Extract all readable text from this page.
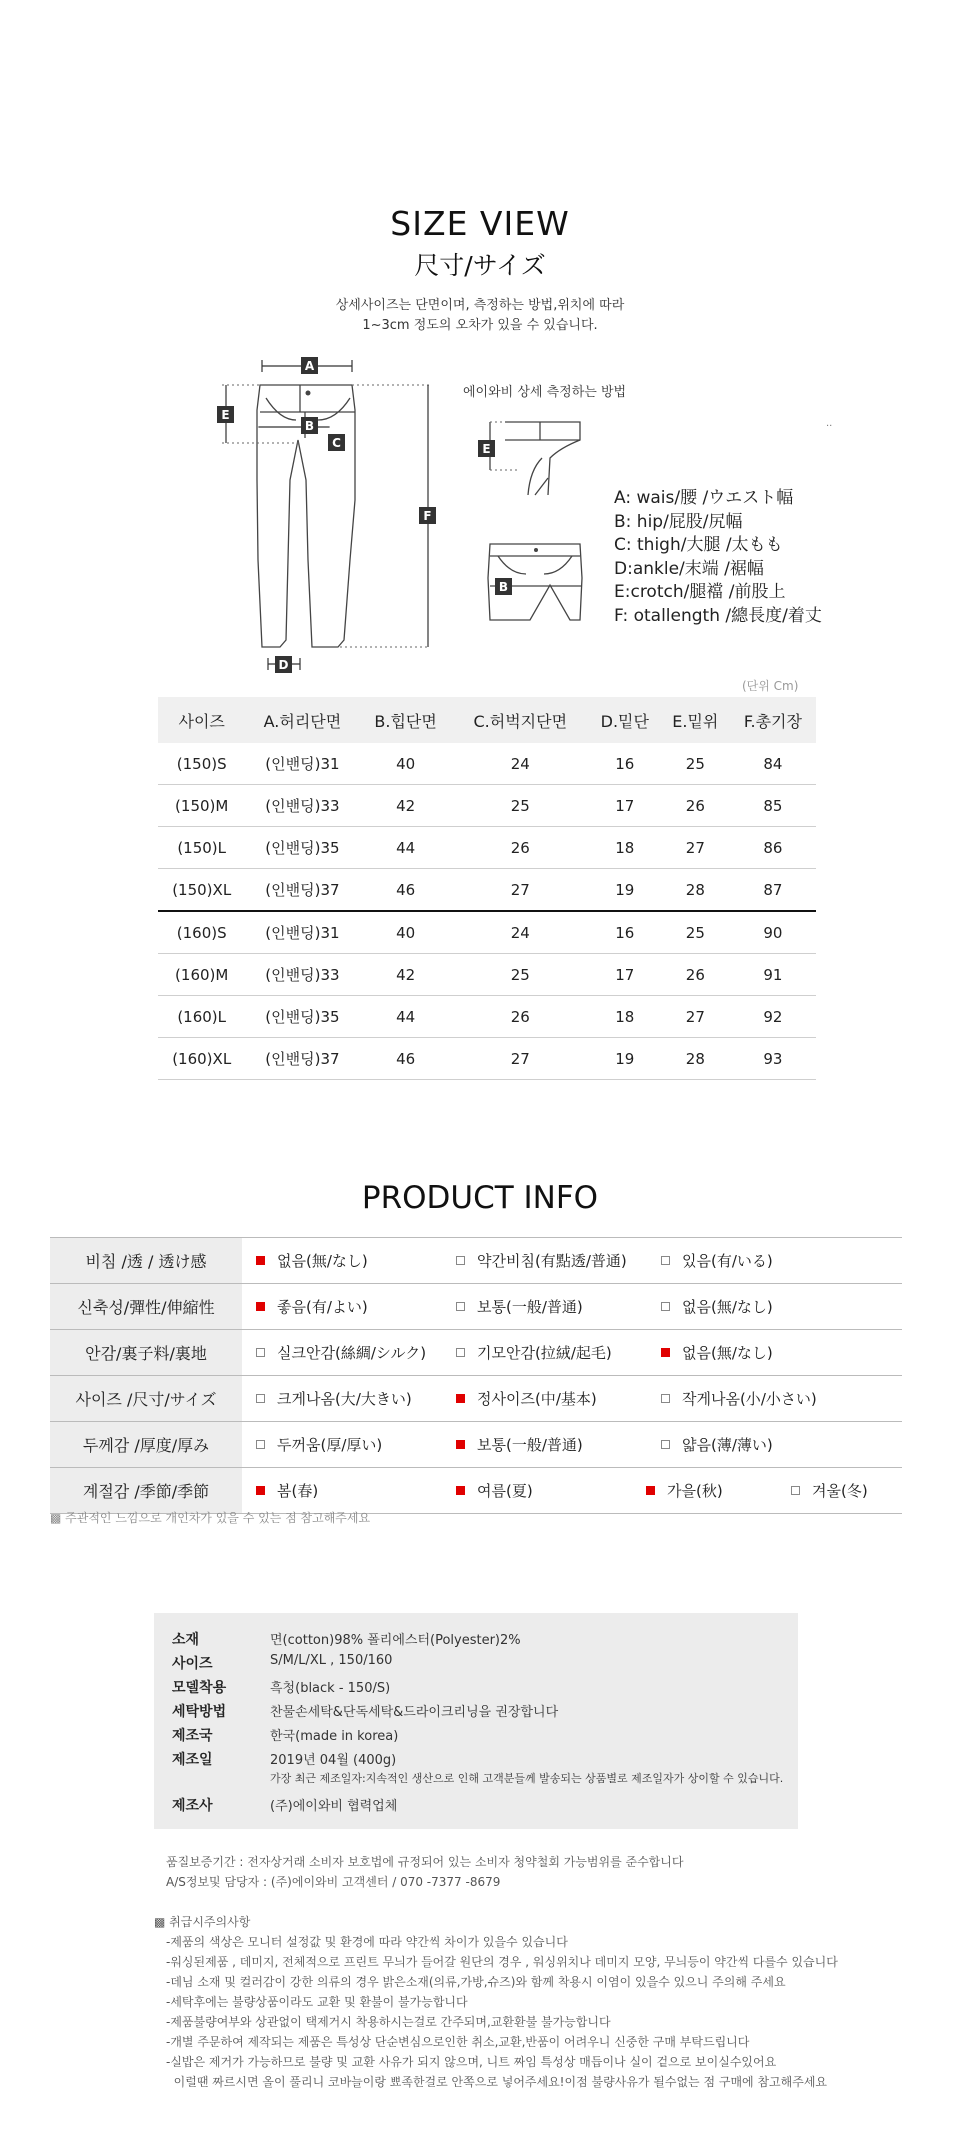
SIZE VIEW
尺寸/サイズ
상세사이즈는 단면이며, 측정하는 방법,위치에 따라
1~3cm 정도의 오차가 있을 수 있습니다.
A
E
B
C
F
D
E
B
에이와비 상세 측정하는 방법
..
A: wais/腰 /ウエスト幅
B: hip/屁股/尻幅
C: thigh/大腿 /太もも
D:ankle/末端 /裾幅
E:crotch/腿襠 /前股上
F: otallength /總長度/着丈
(단위 Cm)
사이즈	A.허리단면	B.힙단면	C.허벅지단면	D.밑단	E.밑위	F.총기장
(150)S	(인밴딩)31	40	24	16	25	84
(150)M	(인밴딩)33	42	25	17	26	85
(150)L	(인밴딩)35	44	26	18	27	86
(150)XL	(인밴딩)37	46	27	19	28	87
(160)S	(인밴딩)31	40	24	16	25	90
(160)M	(인밴딩)33	42	25	17	26	91
(160)L	(인밴딩)35	44	26	18	27	92
(160)XL	(인밴딩)37	46	27	19	28	93
PRODUCT INFO
비침 /透 / 透け感	없음(無/なし) 약간비침(有點透/普通) 있음(有/いる)
신축성/彈性/伸縮性	좋음(有/よい) 보통(一般/普通) 없음(無/なし)
안감/裏子料/裏地	실크안감(絲綢/シルク) 기모안감(拉絨/起毛) 없음(無/なし)
사이즈 /尺寸/サイズ	크게나옴(大/大きい) 정사이즈(中/基本) 작게나옴(小/小さい)
두께감 /厚度/厚み	두꺼움(厚/厚い) 보통(一般/普通) 얇음(薄/薄い)
계절감 /季節/季節	봄(春) 여름(夏) 가을(秋) 겨울(冬)
▩ 주관적인 느낌으로 개인차가 있을 수 있는 점 참고해주세요
소재	면(cotton)98% 폴리에스터(Polyester)2%
사이즈	S/M/L/XL , 150/160
모델착용	흑청(black - 150/S)
세탁방법	찬물손세탁&단독세탁&드라이크리닝을 권장합니다
제조국	한국(made in korea)
제조일	2019년 04월 (400g)
가장 최근 제조일자:지속적인 생산으로 인해 고객분들께 발송되는 상품별로 제조일자가 상이할 수 있습니다.
제조사	(주)에이와비 협력업체
품질보증기간 : 전자상거래 소비자 보호법에 규정되어 있는 소비자 청약철회 가능범위를 준수합니다
A/S정보및 담당자 : (주)에이와비 고객센터 / 070 -7377 -8679
▩ 취급시주의사항
-제품의 색상은 모니터 설정값 및 환경에 따라 약간씩 차이가 있을수 있습니다
-워싱된제품 , 데미지, 전체적으로 프린트 무늬가 들어갈 원단의 경우 , 워싱위치나 데미지 모양, 무늬등이 약간씩 다를수 있습니다
-데님 소재 및 컬러감이 강한 의류의 경우 밝은소재(의류,가방,슈즈)와 함께 착용시 이염이 있을수 있으니 주의해 주세요
-세탁후에는 불량상품이라도 교환 및 환불이 불가능합니다
-제품불량여부와 상관없이 택제거시 착용하시는걸로 간주되며,교환환불 불가능합니다
-개별 주문하여 제작되는 제품은 특성상 단순변심으로인한 취소,교환,반품이 어려우니 신중한 구매 부탁드립니다
-실밥은 제거가 가능하므로 불량 및 교환 사유가 되지 않으며, 니트 짜임 특성상 매듭이나 실이 겉으로 보이실수있어요
이럴땐 짜르시면 올이 풀리니 코바늘이랑 뾰족한걸로 안쪽으로 넣어주세요!이점 불량사유가 될수없는 점 구매에 참고해주세요
